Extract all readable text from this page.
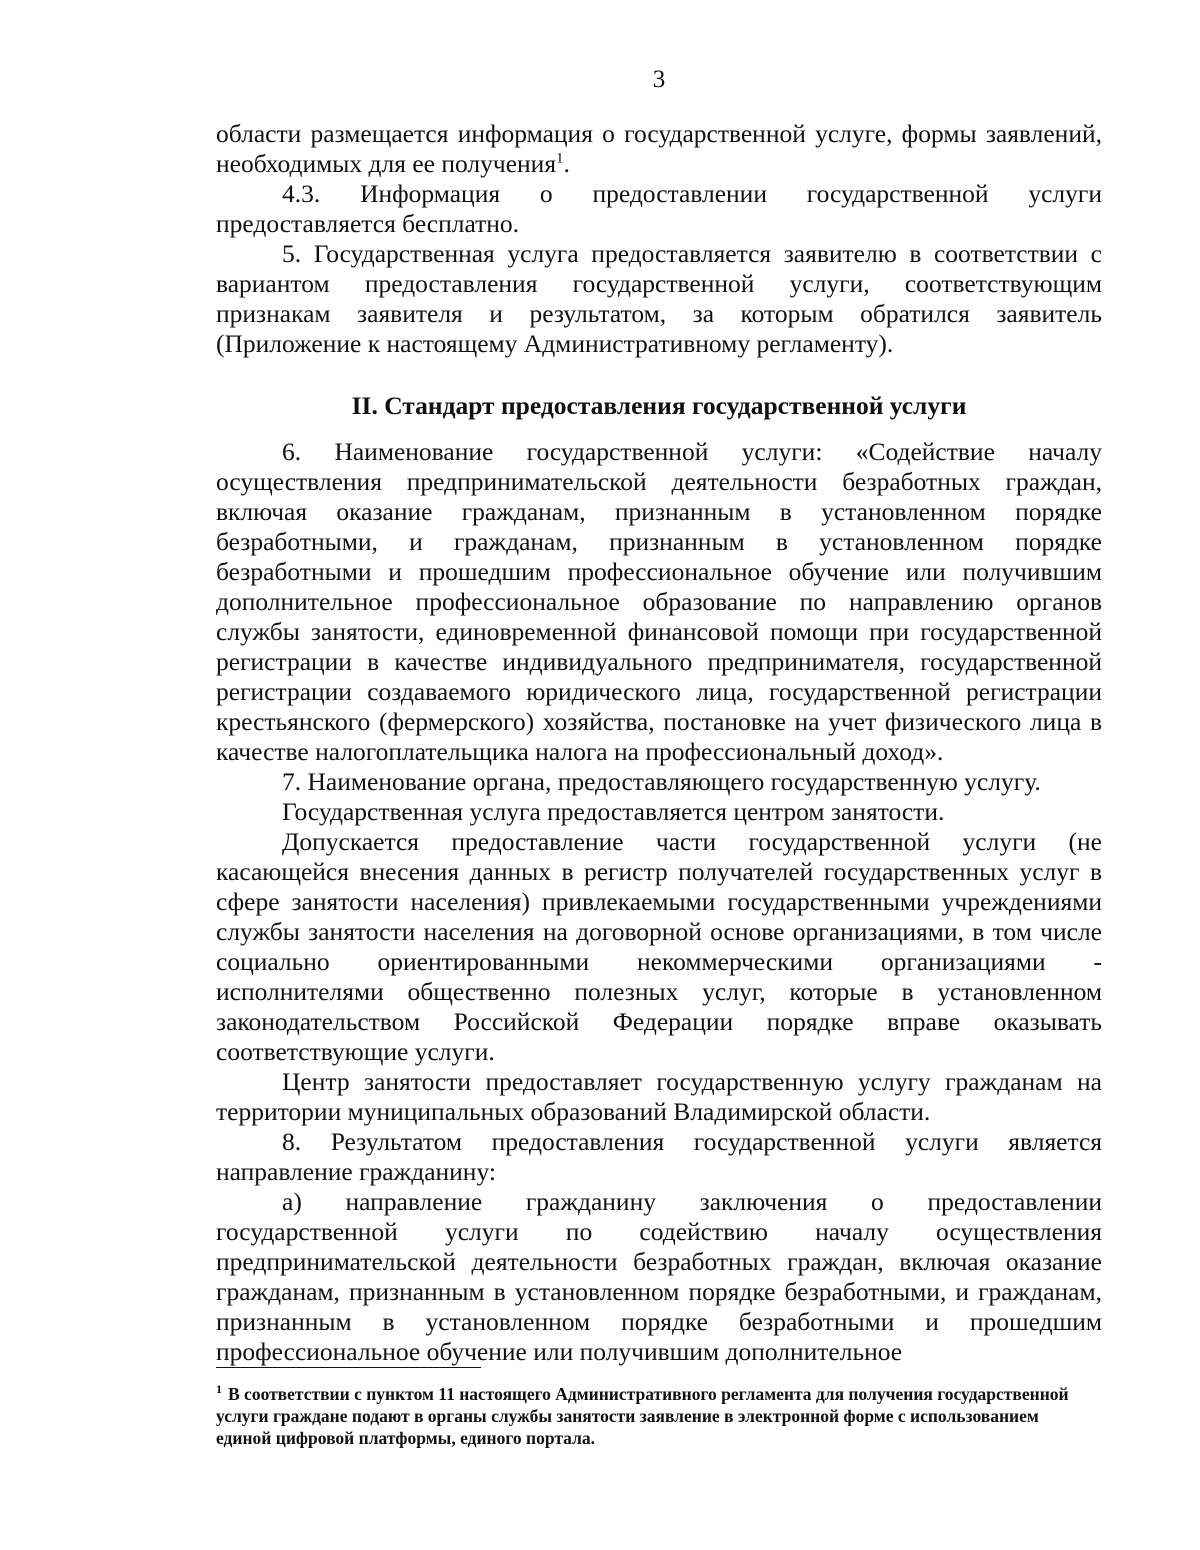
3

области размещается информация о государственной услуге, формы заявлений, необходимых для ее получения$^1$.

4.3. Информация о предоставлении государственной услуги предоставляется бесплатно.

5. Государственная услуга предоставляется заявителю в соответствии с вариантом предоставления государственной услуги, соответствующим признакам заявителя и результатом, за которым обратился заявитель (Приложение к настоящему Административному регламенту).

II. Стандарт предоставления государственной услуги

6. Наименование государственной услуги: «Содействие началу осуществления предпринимательской деятельности безработных граждан, включая оказание гражданам, признанным в установленном порядке безработными, и гражданам, признанным в установленном порядке безработными и прошедшим профессиональное обучение или получившим дополнительное профессиональное образование по направлению органов службы занятости, единовременной финансовой помощи при государственной регистрации в качестве индивидуального предпринимателя, государственной регистрации создаваемого юридического лица, государственной регистрации крестьянского (фермерского) хозяйства, постановке на учет физического лица в качестве налогоплательщика налога на профессиональный доход».

7. Наименование органа, предоставляющего государственную услугу.

Государственная услуга предоставляется центром занятости.

Допускается предоставление части государственной услуги (не касающейся внесения данных в регистр получателей государственных услуг в сфере занятости населения) привлекаемыми государственными учреждениями службы занятости населения на договорной основе организациями, в том числе социально ориентированными некоммерческими организациями - исполнителями общественно полезных услуг, которые в установленном законодательством Российской Федерации порядке вправе оказывать соответствующие услуги.

Центр занятости предоставляет государственную услугу гражданам на территории муниципальных образований Владимирской области.

8. Результатом предоставления государственной услуги является направление гражданину:

а) направление гражданину заключения о предоставлении государственной услуги по содействию началу осуществления предпринимательской деятельности безработных граждан, включая оказание гражданам, признанным в установленном порядке безработными, и гражданам, признанным в установленном порядке безработными и прошедшим профессиональное обучение или получившим дополнительное

$^1$ В соответствии с пунктом 11 настоящего Административного регламента для получения государственной услуги граждане подают в органы службы занятости заявление в электронной форме с использованием единой цифровой платформы, единого портала.
